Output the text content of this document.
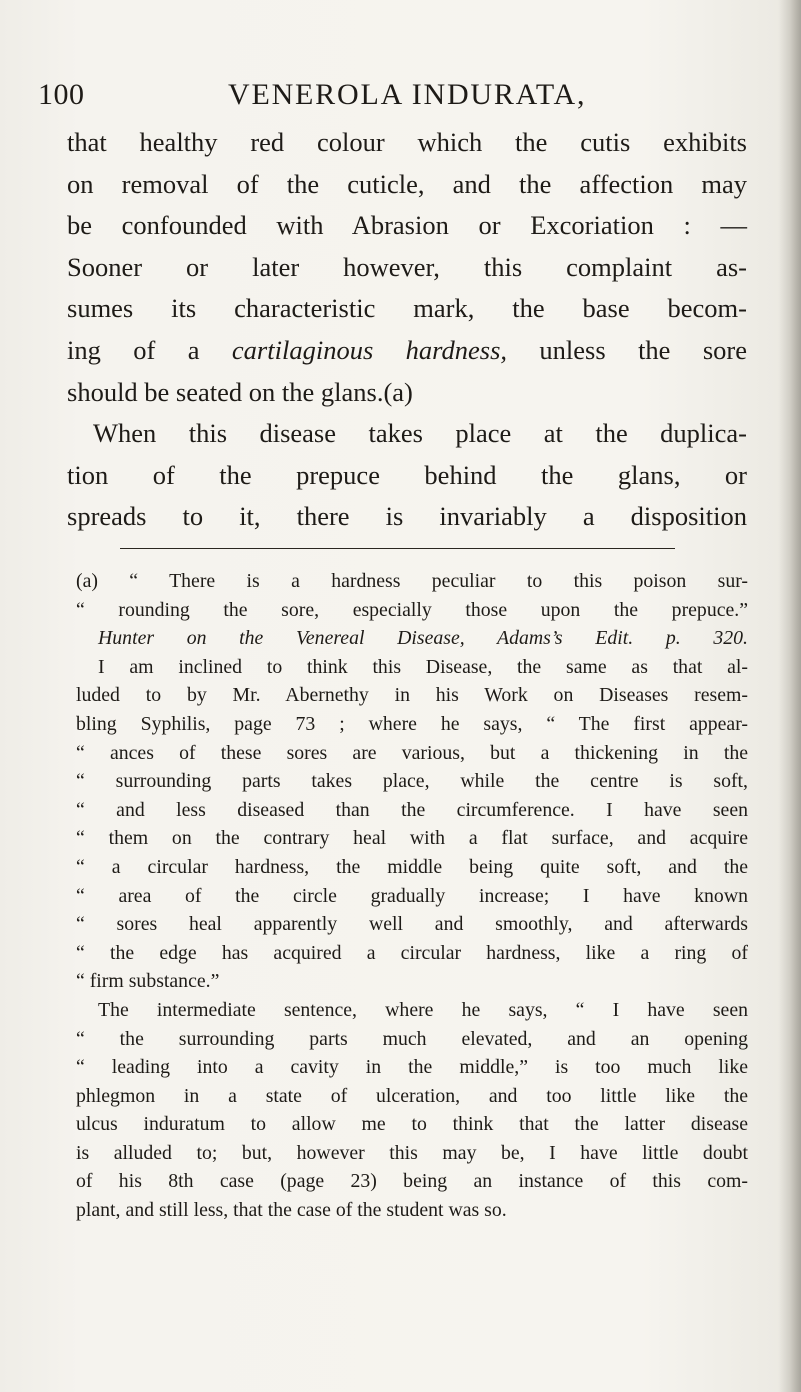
100	VENEROLA INDURATA,
that healthy red colour which the cutis exhibits
on removal of the cuticle, and the affection may
be confounded with Abrasion or Excoriation : —
Sooner or later however, this complaint as-
sumes its characteristic mark, the base becom-
ing of a cartilaginous hardness, unless the sore
should be seated on the glans.(a)
When this disease takes place at the duplica-
tion of the prepuce behind the glans, or
spreads to it, there is invariably a disposition
(a) “ There is a hardness peculiar to this poison sur-
“ rounding the sore, especially those upon the prepuce.”
Hunter on the Venereal Disease, Adams’s Edit. p. 320.
I am inclined to think this Disease, the same as that al-
luded to by Mr. Abernethy in his Work on Diseases resem-
bling Syphilis, page 73 ; where he says, “ The first appear-
“ ances of these sores are various, but a thickening in the
“ surrounding parts takes place, while the centre is soft,
“ and less diseased than the circumference. I have seen
“ them on the contrary heal with a flat surface, and acquire
“ a circular hardness, the middle being quite soft, and the
“ area of the circle gradually increase; I have known
“ sores heal apparently well and smoothly, and afterwards
“ the edge has acquired a circular hardness, like a ring of
“ firm substance.”
The intermediate sentence, where he says, “ I have seen
“ the surrounding parts much elevated, and an opening
“ leading into a cavity in the middle,” is too much like
phlegmon in a state of ulceration, and too little like the
ulcus induratum to allow me to think that the latter disease
is alluded to; but, however this may be, I have little doubt
of his 8th case (page 23) being an instance of this com-
plant, and still less, that the case of the student was so.
